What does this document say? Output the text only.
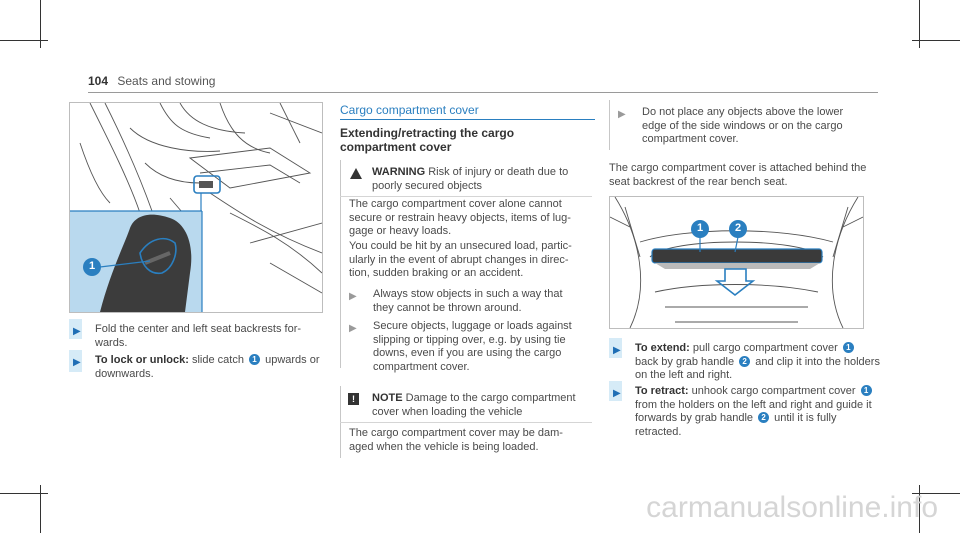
104 Seats and stowing
1
▶ Fold the center and left seat backrests for-wards.
▶ To lock or unlock: slide catch 1 upwards or downwards.
Cargo compartment cover
Extending/retracting the cargo compartment cover
WARNING Risk of injury or death due to poorly secured objects
The cargo compartment cover alone cannot secure or restrain heavy objects, items of lug-gage or heavy loads.
You could be hit by an unsecured load, partic-ularly in the event of abrupt changes in direc-tion, sudden braking or an accident.
▶ Always stow objects in such a way that they cannot be thrown around.
▶ Secure objects, luggage or loads against slipping or tipping over, e.g. by using tie downs, even if you are using the cargo compartment cover.
!	NOTE Damage to the cargo compartment cover when loading the vehicle
The cargo compartment cover may be dam-aged when the vehicle is being loaded.
▶ Do not place any objects above the lower edge of the side windows or on the cargo compartment cover.
The cargo compartment cover is attached behind the seat backrest of the rear bench seat.
1	2
▶ To extend: pull cargo compartment cover 1 back by grab handle 2 and clip it into the holders on the left and right.
▶ To retract: unhook cargo compartment cover 1 from the holders on the left and right and guide it forwards by grab handle 2 until it is fully retracted.
carmanualsonline.info
